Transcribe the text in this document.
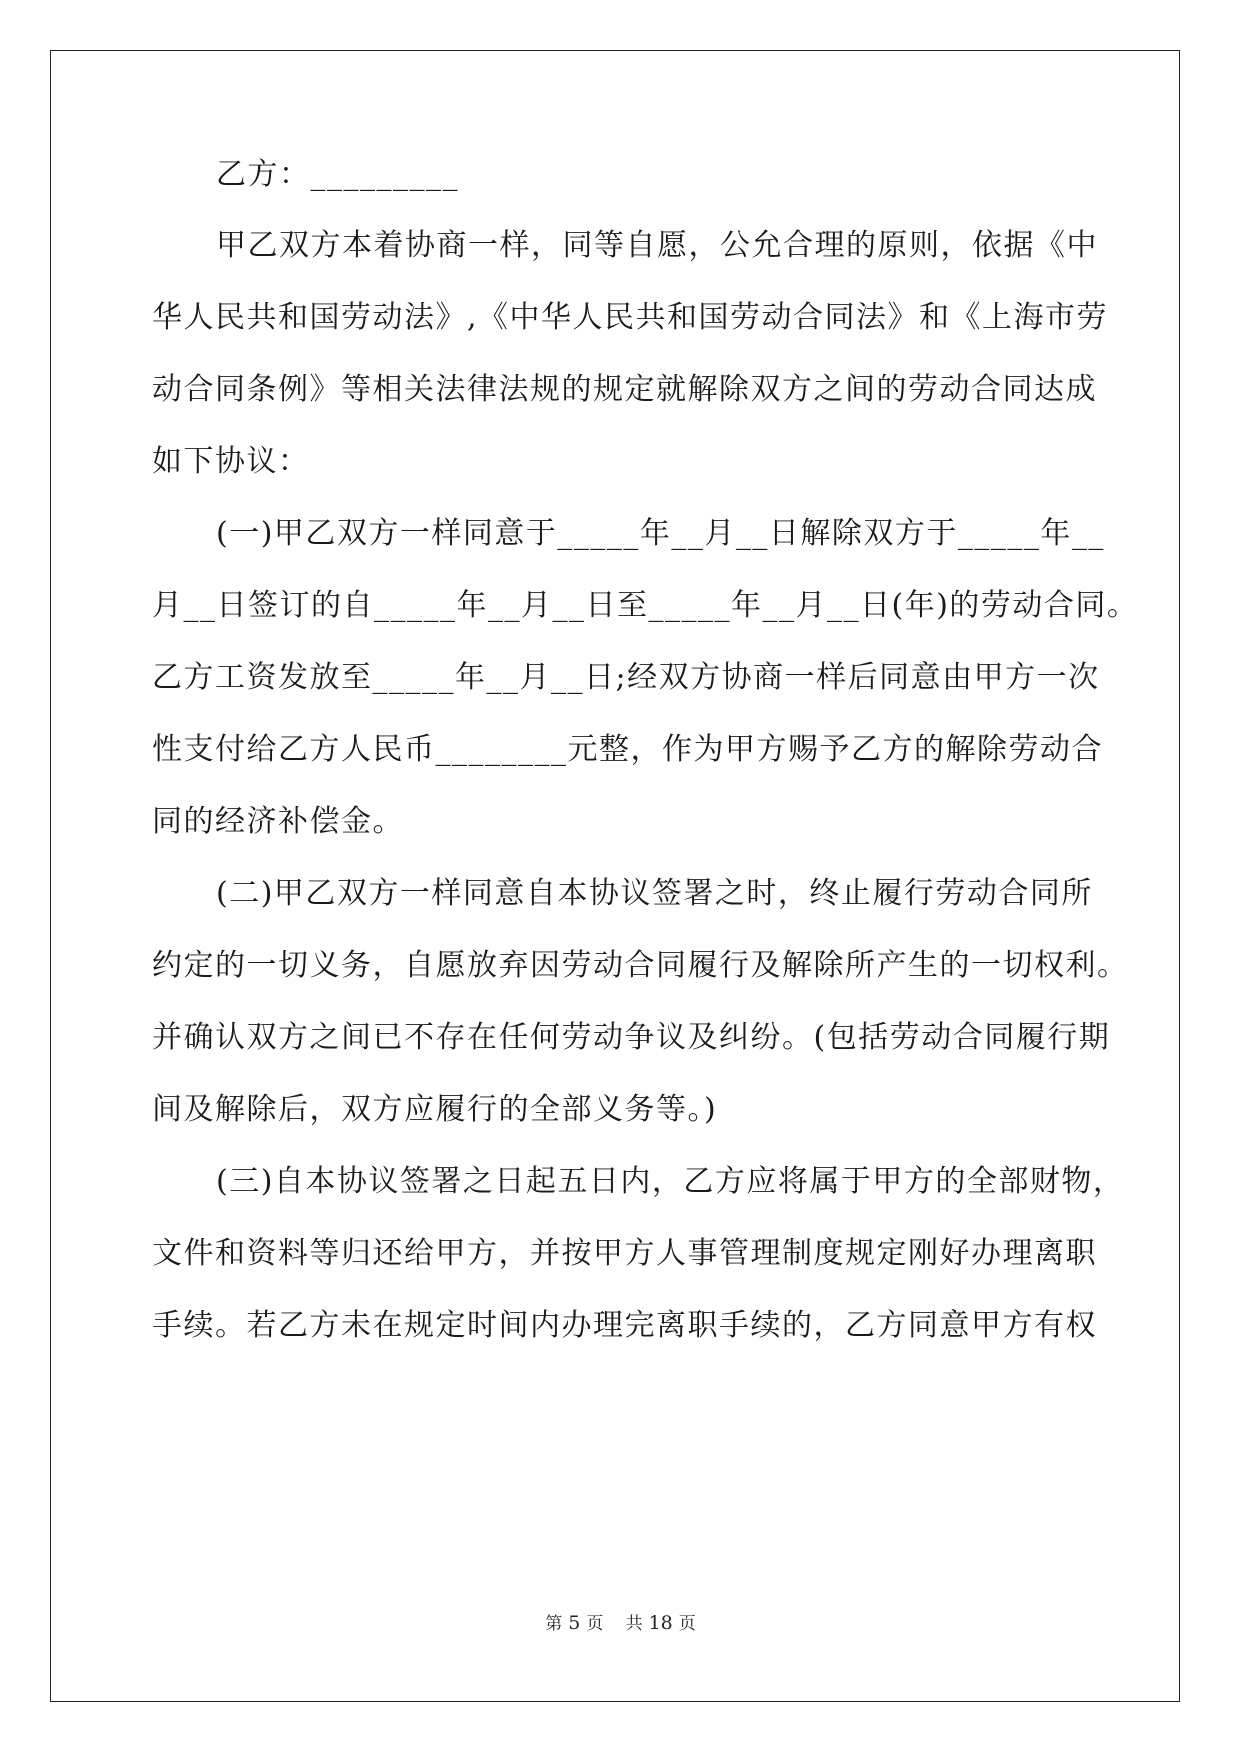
乙方：_________
甲乙双方本着协商一样，同等自愿，公允合理的原则，依据《中
华人民共和国劳动法》,《中华人民共和国劳动合同法》和《上海市劳
动合同条例》等相关法律法规的规定就解除双方之间的劳动合同达成
如下协议：
(一)甲乙双方一样同意于_____年__月__日解除双方于_____年__
月__日签订的自_____年__月__日至_____年__月__日(年)的劳动合同。
乙方工资发放至_____年__月__日;经双方协商一样后同意由甲方一次
性支付给乙方人民币________元整，作为甲方赐予乙方的解除劳动合
同的经济补偿金。
(二)甲乙双方一样同意自本协议签署之时，终止履行劳动合同所
约定的一切义务，自愿放弃因劳动合同履行及解除所产生的一切权利。
并确认双方之间已不存在任何劳动争议及纠纷。(包括劳动合同履行期
间及解除后，双方应履行的全部义务等。)
(三)自本协议签署之日起五日内，乙方应将属于甲方的全部财物，
文件和资料等归还给甲方，并按甲方人事管理制度规定刚好办理离职
手续。若乙方未在规定时间内办理完离职手续的，乙方同意甲方有权
第 5 页 共 18 页
